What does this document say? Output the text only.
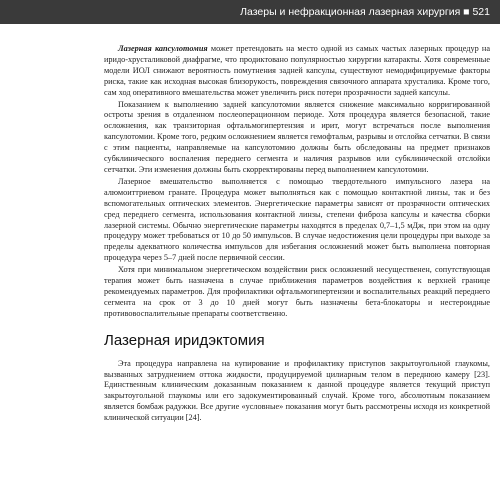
Лазеры и нефракционная лазерная хирургия ■ 521

Лазерная капсулотомия может претендовать на место одной из самых частых лазерных процедур на иридо-хрусталиковой диафрагме, что продиктовано популярностью хирургии катаракты. Хотя современные модели ИОЛ снижают вероятность помутнения задней капсулы, существуют немодифицируемые факторы риска, такие как исходная высокая близорукость, повреждения связочного аппарата хрусталика. Кроме того, сам ход оперативного вмешательства может увеличить риск потери прозрачности задней капсулы.

Показанием к выполнению задней капсулотомии является снижение максимально корригированной остроты зрения в отдаленном послеоперационном периоде. Хотя процедура является безопасной, такие осложнения, как транзиторная офтальмогипертензия и ирит, могут встречаться после выполнения капсулотомии. Кроме того, редким осложнением является гемофтальм, разрывы и отслойка сетчатки. В связи с этим пациенты, направляемые на капсулотомию должны быть обследованы на предмет признаков субклинического воспаления переднего сегмента и наличия разрывов или субклинической отслойки сетчатки. Эти изменения должны быть скорректированы перед выполнением капсулотомии.

Лазерное вмешательство выполняется с помощью твердотельного импульсного лазера на алюмоиттриевом гранате. Процедура может выполняться как с помощью контактной линзы, так и без вспомогательных оптических элементов. Энергетические параметры зависят от прозрачности оптических сред переднего сегмента, использования контактной линзы, степени фиброза капсулы и качества сборки лазерной системы. Обычно энергетические параметры находятся в пределах 0,7–1,5 мДж, при этом на одну процедуру может требоваться от 10 до 50 импульсов. В случае недостижения цели процедуры при выходе за пределы адекватного количества импульсов для избегания осложнений может быть выполнена повторная процедура через 5–7 дней после первичной сессии.

Хотя при минимальном энергетическом воздействии риск осложнений несущественен, сопутствующая терапия может быть назначена в случае приближения параметров воздействия к верхней границе рекомендуемых параметров. Для профилактики офтальмогипертензии и воспалительных реакций переднего сегмента на срок от 3 до 10 дней могут быть назначены бета-блокаторы и нестероидные противовоспалительные препараты соответственно.

Лазерная иридэктомия

Эта процедура направлена на купирование и профилактику приступов закрытоугольной глаукомы, вызванных затруднением оттока жидкости, продуцируемой цилиарным телом в переднюю камеру [23]. Единственным клиническим доказанным показанием к данной процедуре является текущий приступ закрытоугольной глаукомы или его задокументированный случай. Кроме того, абсолютным показанием является бомбаж радужки. Все другие «условные» показания могут быть рассмотрены исходя из конкретной клинической ситуации [24].
